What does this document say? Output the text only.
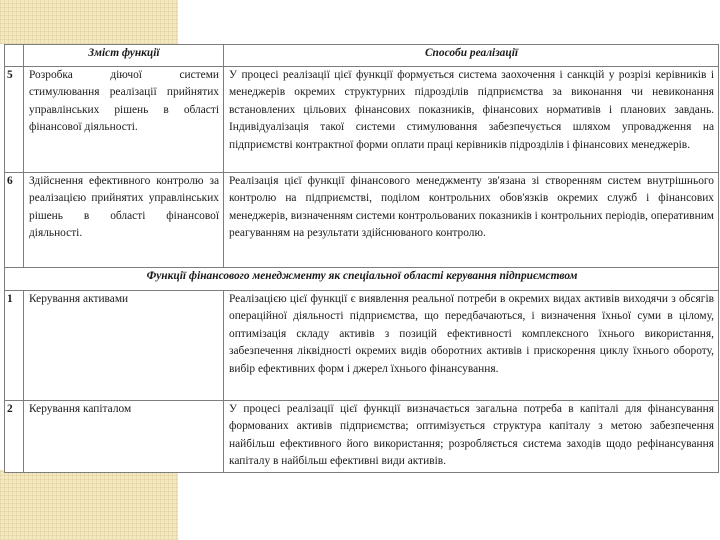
	Зміст функції	Способи реалізації
5	Розробка діючої системи стимулювання реалізації прийнятих управлінських рішень в області фінансової діяльності.	У процесі реалізації цієї функції формується система заохочення і санкцій у розрізі керівників і менеджерів окремих структурних підрозділів підприємства за виконання чи невиконання встановлених цільових фінансових показників, фінансових нормативів і планових завдань. Індивідуалізація такої системи стимулювання забезпечується шляхом упровадження на підприємстві контрактної форми оплати праці керівників підрозділів і фінансових менеджерів.
6	Здійснення ефективного контролю за реалізацією прийнятих управлінських рішень в області фінансової діяльності.	Реалізація цієї функції фінансового менеджменту зв'язана зі створенням систем внутрішнього контролю на підприємстві, поділом контрольних обов'язків окремих служб і фінансових менеджерів, визначенням системи контрольованих показників і контрольних періодів, оперативним реагуванням на результати здійснюваного контролю.
Функції фінансового менеджменту як спеціальної області керування підприємством		
1	Керування активами	Реалізацією цієї функції є виявлення реальної потреби в окремих видах активів виходячи з обсягів операційної діяльності підприємства, що передбачаються, і визначення їхньої суми в цілому, оптимізація складу активів з позицій ефективності комплексного їхнього використання, забезпечення ліквідності окремих видів оборотних активів і прискорення циклу їхнього обороту, вибір ефективних форм і джерел їхнього фінансування.
2	Керування капіталом	У процесі реалізації цієї функції визначається загальна потреба в капіталі для фінансування формованих активів підприємства; оптимізується структура капіталу з метою забезпечення найбільш ефективного його використання; розробляється система заходів щодо рефінансування капіталу в найбільш ефективні види активів.
